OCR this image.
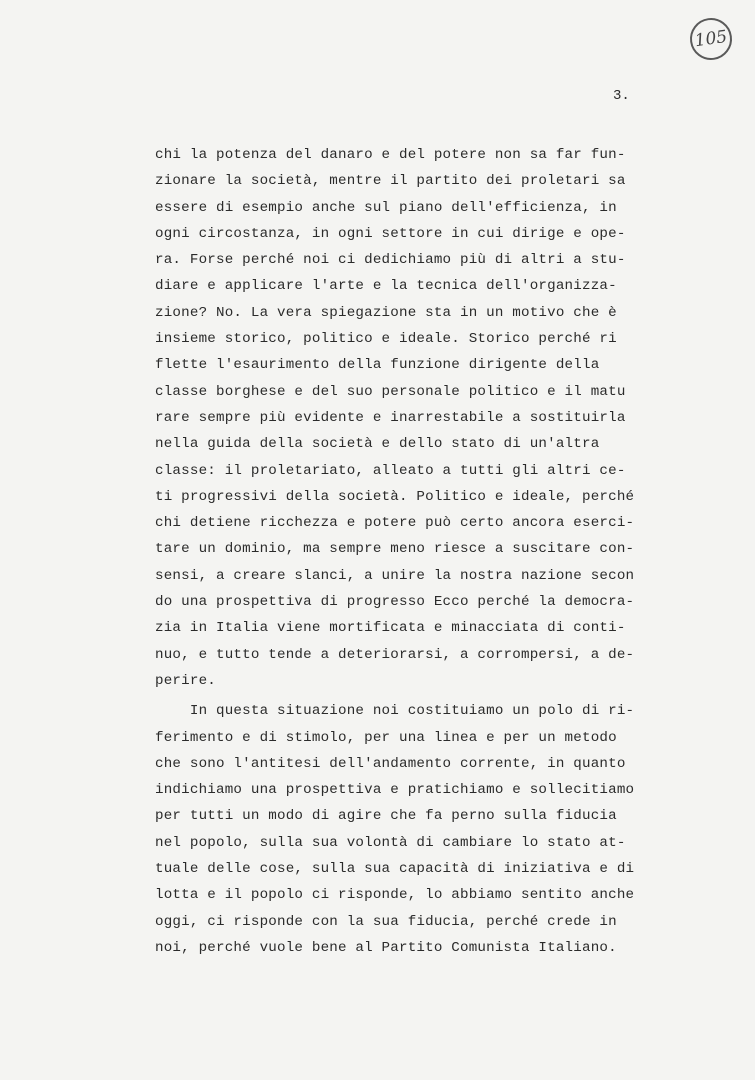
105
3.
chi la potenza del danaro e del potere non sa far fun-
zionare la società, mentre il partito dei proletari sa
essere di esempio anche sul piano dell'efficienza, in
ogni circostanza, in ogni settore in cui dirige e ope-
ra. Forse perché noi ci dedichiamo più di altri a stu-
diare e applicare l'arte e la tecnica dell'organizza-
zione? No. La vera spiegazione sta in un motivo che è
insieme storico, politico e ideale. Storico perché ri
flette l'esaurimento della funzione dirigente della
classe borghese e del suo personale politico e il matu
rare sempre più evidente e inarrestabile a sostituirla
nella guida della società e dello stato di un'altra
classe: il proletariato, alleato a tutti gli altri ce-
ti progressivi della società. Politico e ideale, perché
chi detiene ricchezza e potere può certo ancora eserci-
tare un dominio, ma sempre meno riesce a suscitare con-
sensi, a creare slanci, a unire la nostra nazione secon
do una prospettiva di progresso Ecco perché la democra-
zia in Italia viene mortificata e minacciata di conti-
nuo, e tutto tende a deteriorarsi, a corrompersi, a de-
perire.
In questa situazione noi costituiamo un polo di ri-
ferimento e di stimolo, per una linea e per un metodo
che sono l'antitesi dell'andamento corrente, in quanto
indichiamo una prospettiva e pratichiamo e sollecitiamo
per tutti un modo di agire che fa perno sulla fiducia
nel popolo, sulla sua volontà di cambiare lo stato at-
tuale delle cose, sulla sua capacità di iniziativa e di
lotta e il popolo ci risponde, lo abbiamo sentito anche
oggi, ci risponde con la sua fiducia, perché crede in
noi, perché vuole bene al Partito Comunista Italiano.
